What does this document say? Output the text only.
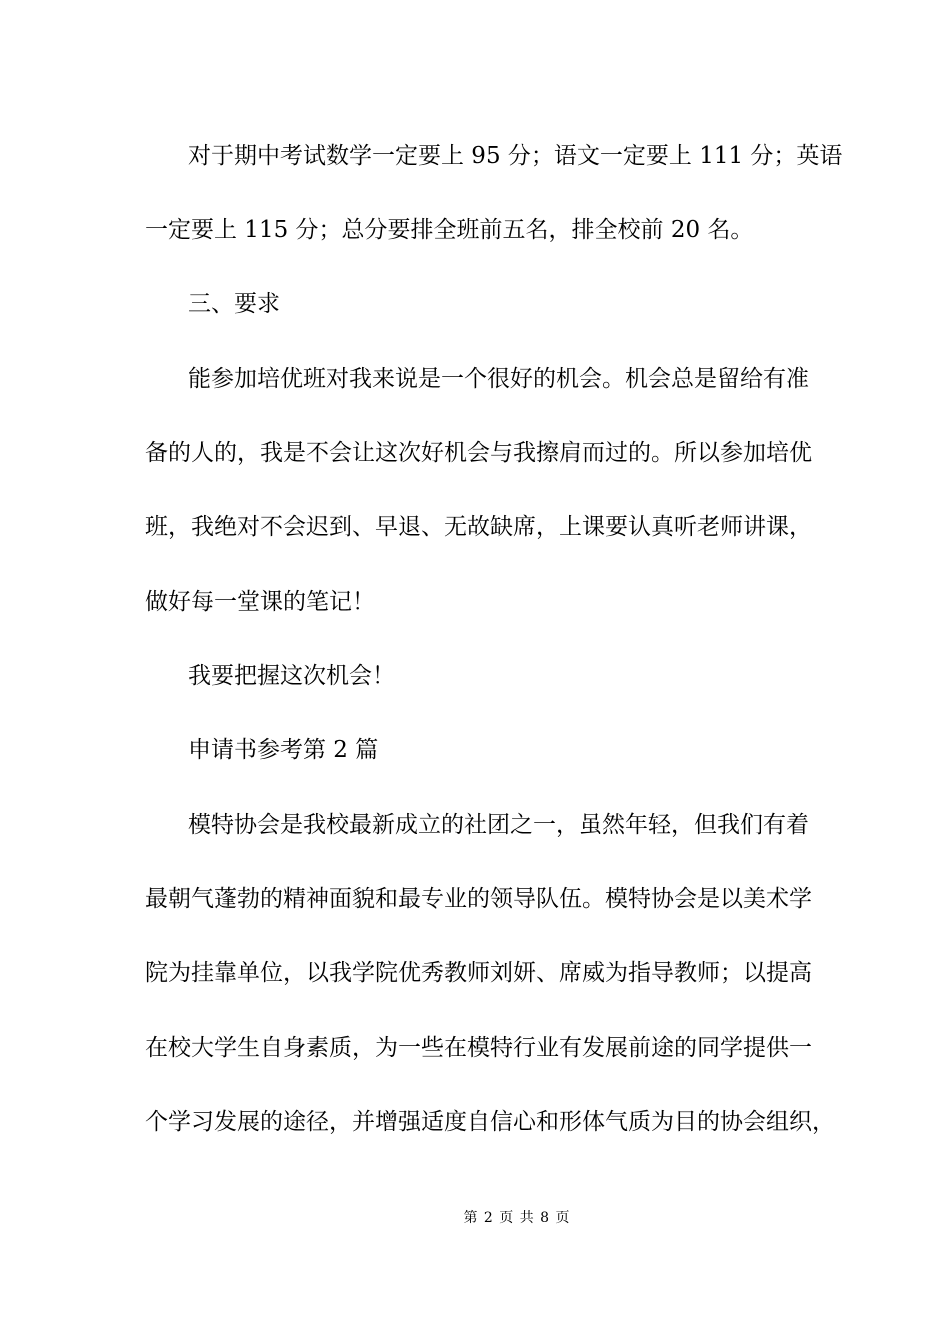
对于期中考试数学一定要上 95 分；语文一定要上 111 分；英语
一定要上 115 分；总分要排全班前五名，排全校前 20 名。
三、要求
能参加培优班对我来说是一个很好的机会。机会总是留给有准
备的人的，我是不会让这次好机会与我擦肩而过的。所以参加培优
班，我绝对不会迟到、早退、无故缺席，上课要认真听老师讲课，
做好每一堂课的笔记！
我要把握这次机会！
申请书参考第 2 篇
模特协会是我校最新成立的社团之一，虽然年轻，但我们有着
最朝气蓬勃的精神面貌和最专业的领导队伍。模特协会是以美术学
院为挂靠单位，以我学院优秀教师刘妍、席威为指导教师；以提高
在校大学生自身素质，为一些在模特行业有发展前途的同学提供一
个学习发展的途径，并增强适度自信心和形体气质为目的协会组织，
第 2 页 共 8 页
